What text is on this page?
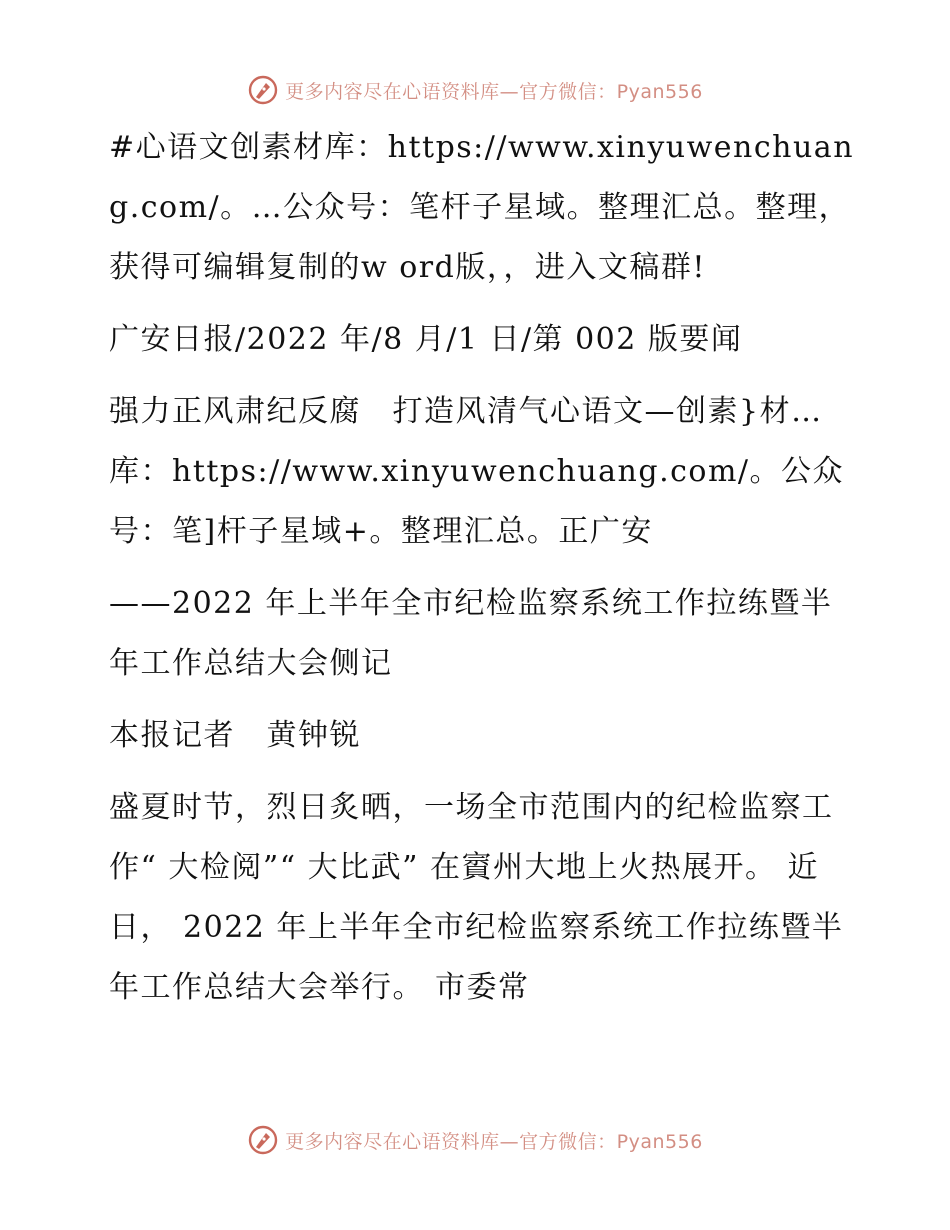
更多内容尽在心语资料库—官方微信：Pyan556

#心语文创素材库：https://www.xinyuwenchuang.com/。…公众号：笔杆子星域。整理汇总。整理，获得可编辑复制的w ord版，，进入文稿群!

广安日报/2022 年/8 月/1 日/第 002 版要闻

强力正风肃纪反腐　打造风清气心语文—创素}材…库：https://www.xinyuwenchuang.com/。公众号：笔]杆子星域+。整理汇总。正广安

——2022 年上半年全市纪检监察系统工作拉练暨半年工作总结大会侧记

本报记者　黄钟锐

盛夏时节，烈日炙晒，一场全市范围内的纪检监察工作“ 大检阅”“ 大比武” 在賨州大地上火热展开。 近日， 2022 年上半年全市纪检监察系统工作拉练暨半年工作总结大会举行。 市委常

更多内容尽在心语资料库—官方微信：Pyan556
